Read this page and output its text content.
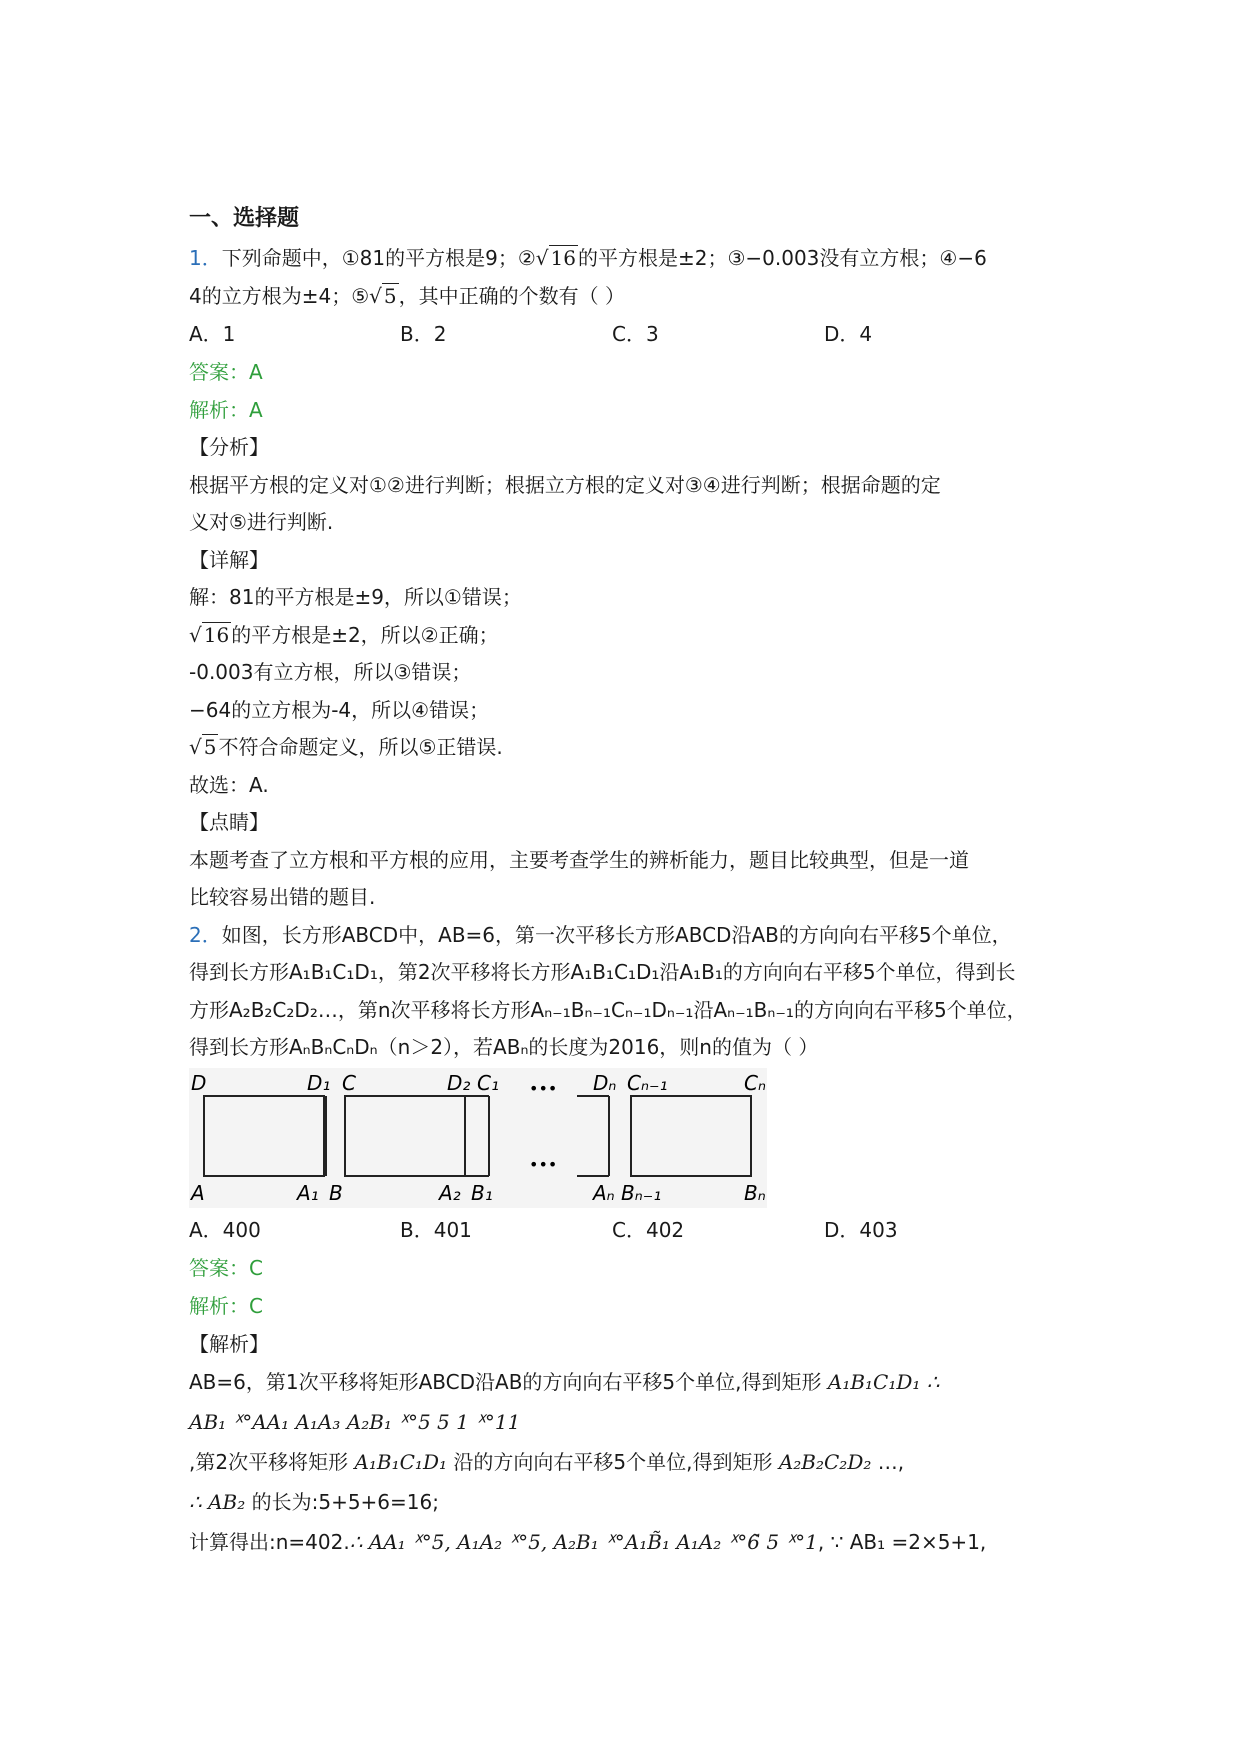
一、选择题
1．下列命题中，①81的平方根是9；②√ 16 的平方根是±2；③−0.003没有立方根；④−6
4的立方根为±4；⑤√ 5 ，其中正确的个数有（ ）
A．1	B．2	C．3	D．4
答案：A
解析：A
【分析】
根据平方根的定义对①②进行判断；根据立方根的定义对③④进行判断；根据命题的定
义对⑤进行判断.
【详解】
解：81的平方根是±9，所以①错误；
√ 16 的平方根是±2，所以②正确；
-0.003有立方根，所以③错误；
−64的立方根为-4，所以④错误；
√ 5 不符合命题定义，所以⑤正错误.
故选：A.
【点睛】
本题考查了立方根和平方根的应用，主要考查学生的辨析能力，题目比较典型，但是一道
比较容易出错的题目.
2．如图，长方形ABCD中，AB=6，第一次平移长方形ABCD沿AB的方向向右平移5个单位，
得到长方形A₁B₁C₁D₁，第2次平移将长方形A₁B₁C₁D₁沿A₁B₁的方向向右平移5个单位，得到长
方形A₂B₂C₂D₂…，第n次平移将长方形Aₙ₋₁Bₙ₋₁Cₙ₋₁Dₙ₋₁沿Aₙ₋₁Bₙ₋₁的方向向右平移5个单位，
得到长方形AₙBₙCₙDₙ（n＞2），若ABₙ的长度为2016，则n的值为（ ）
D	D₁ C	D₂ C₁ ••• Dₙ Cₙ₋₁	Cₙ
A	A₁ B	A₂ B₁
•••
Aₙ Bₙ₋₁	Bₙ
A．400	B．401	C．402	D．403
答案：C
解析：C
【解析】
AB=6，第1次平移将矩形ABCD沿AB的方向向右平移5个单位,得到矩形 A₁B₁C₁D₁ ∴
AB₁ ᕽ°AA₁ A₁A₃ A₂B₁ ᕽ°5 5 1 ᕽ°11
,第2次平移将矩形 A₁B₁C₁D₁ 沿的方向向右平移5个单位,得到矩形 A₂B₂C₂D₂ …,
∴ AB₂ 的长为:5+5+6=16;
计算得出:n=402.∴ AA₁ ᕽ°5, A₁A₂ ᕽ°5, A₂B₁ ᕽ°A₁B̃₁ A₁A₂ ᕽ°6̃ 5 ᕽ°1, ∵ AB₁ =2×5+1,
